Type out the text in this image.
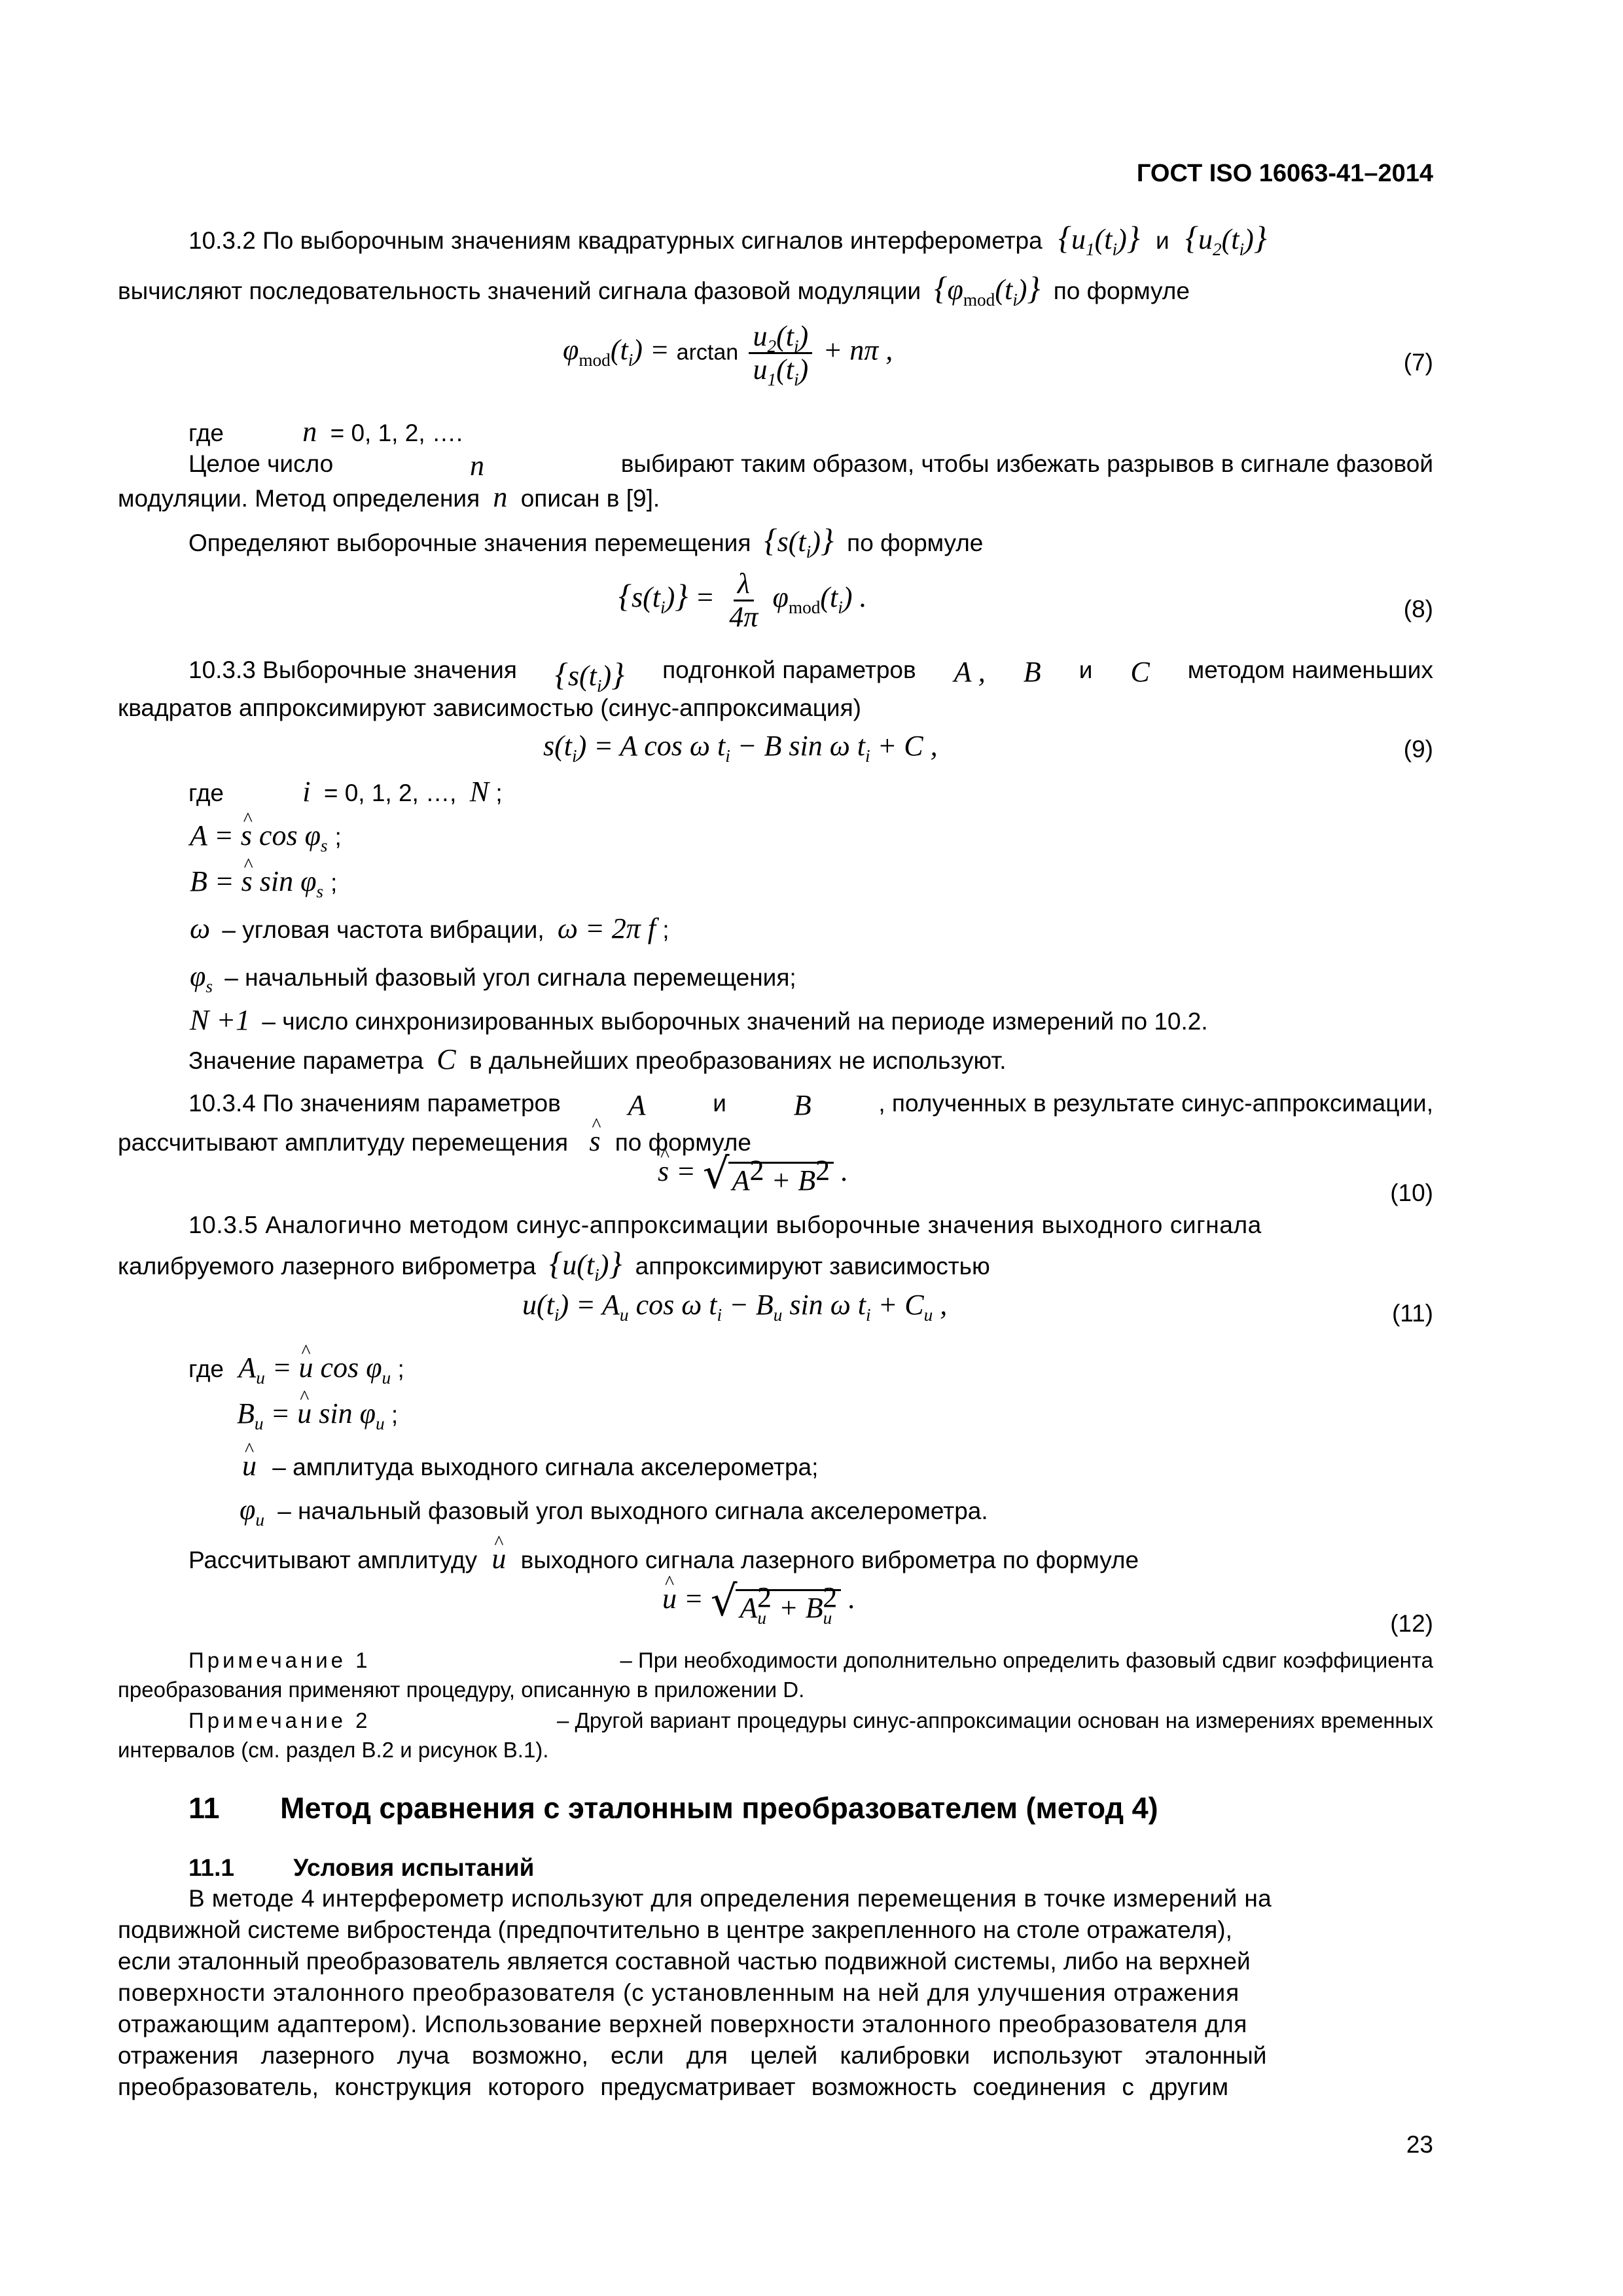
ГОСТ ISO 16063-41–2014
10.3.2 По выборочным значениям квадратурных сигналов интерферометра $\{u_1(t_i)\}$ и $\{u_2(t_i)\}$
вычисляют последовательность значений сигнала фазовой модуляции $\{\varphi_{mod}(t_i)\}$ по формуле
$\varphi_{mod}(t_i) = \arctan \frac{u_2(t_i)}{u_1(t_i)} + n\pi$ ,	(7)
где	n = 0, 1, 2, ….
Целое число	n	выбирают таким образом, чтобы избежать разрывов в сигнале фазовой
модуляции. Метод определения n описан в [9].
Определяют выборочные значения перемещения $\{s(t_i)\}$ по формуле
$\{s(t_i)\} = \frac{\lambda}{4\pi} \varphi_{mod}(t_i)$ .	(8)
10.3.3 Выборочные значения $\{s(t_i)\}$ подгонкой параметров A , B и C методом наименьших
квадратов аппроксимируют зависимостью (синус-аппроксимация)
$s(t_i) = A$ cos ω $t_i - B$ sin ω $t_i + C$ ,	(9)
где	i = 0, 1, 2, …, N ;
A = ^ s $\cos \varphi_s$ ;
B = ^ s $\sin \varphi_s$ ;
ω – угловая частота вибрации, ω = 2π f ;
$\varphi_s$ – начальный фазовый угол сигнала перемещения;
N +1 – число синхронизированных выборочных значений на периоде измерений по 10.2.
Значение параметра C в дальнейших преобразованиях не используют.
10.3.4 По значениям параметров A	и B	, полученных в результате синус-аппроксимации,
рассчитывают амплитуду перемещения ^ s по формуле
^ s = √ $A^2 + B^2$ .
(10)
10.3.5 Аналогично методом синус-аппроксимации выборочные значения выходного сигнала
калибруемого лазерного виброметра $\{u(t_i)\}$ аппроксимируют зависимостью
$u(t_i) = A_u$ cos ω $t_i - B_u$ sin ω $t_i + C_u$ ,	(11)
где $A_u$ = ^ u $\cos \varphi_u$ ;
$B_u$ = ^ u $\sin \varphi_u$ ;
^ u – амплитуда выходного сигнала акселерометра;
$\varphi_u$ – начальный фазовый угол выходного сигнала акселерометра.
Рассчитывают амплитуду ^ u выходного сигнала лазерного виброметра по формуле
^ u = √ $A_u^2 + B_u^2$ .
(12)
Примечание 1	– При необходимости дополнительно определить фазовый сдвиг коэффициента
преобразования применяют процедуру, описанную в приложении D.
Примечание 2	– Другой вариант процедуры синус-аппроксимации основан на измерениях временных
интервалов (см. раздел В.2 и рисунок В.1).
11 Метод сравнения с эталонным преобразователем (метод 4)
11.1 Условия испытаний
В методе 4 интерферометр используют для определения перемещения в точке измерений на
подвижной системе вибростенда (предпочтительно в центре закрепленного на столе отражателя),
если эталонный преобразователь является составной частью подвижной системы, либо на верхней
поверхности эталонного преобразователя (с установленным на ней для улучшения отражения
отражающим адаптером). Использование верхней поверхности эталонного преобразователя для
отражения лазерного луча возможно, если для целей калибровки используют эталонный
преобразователь, конструкция которого предусматривает возможность соединения с другим
23
